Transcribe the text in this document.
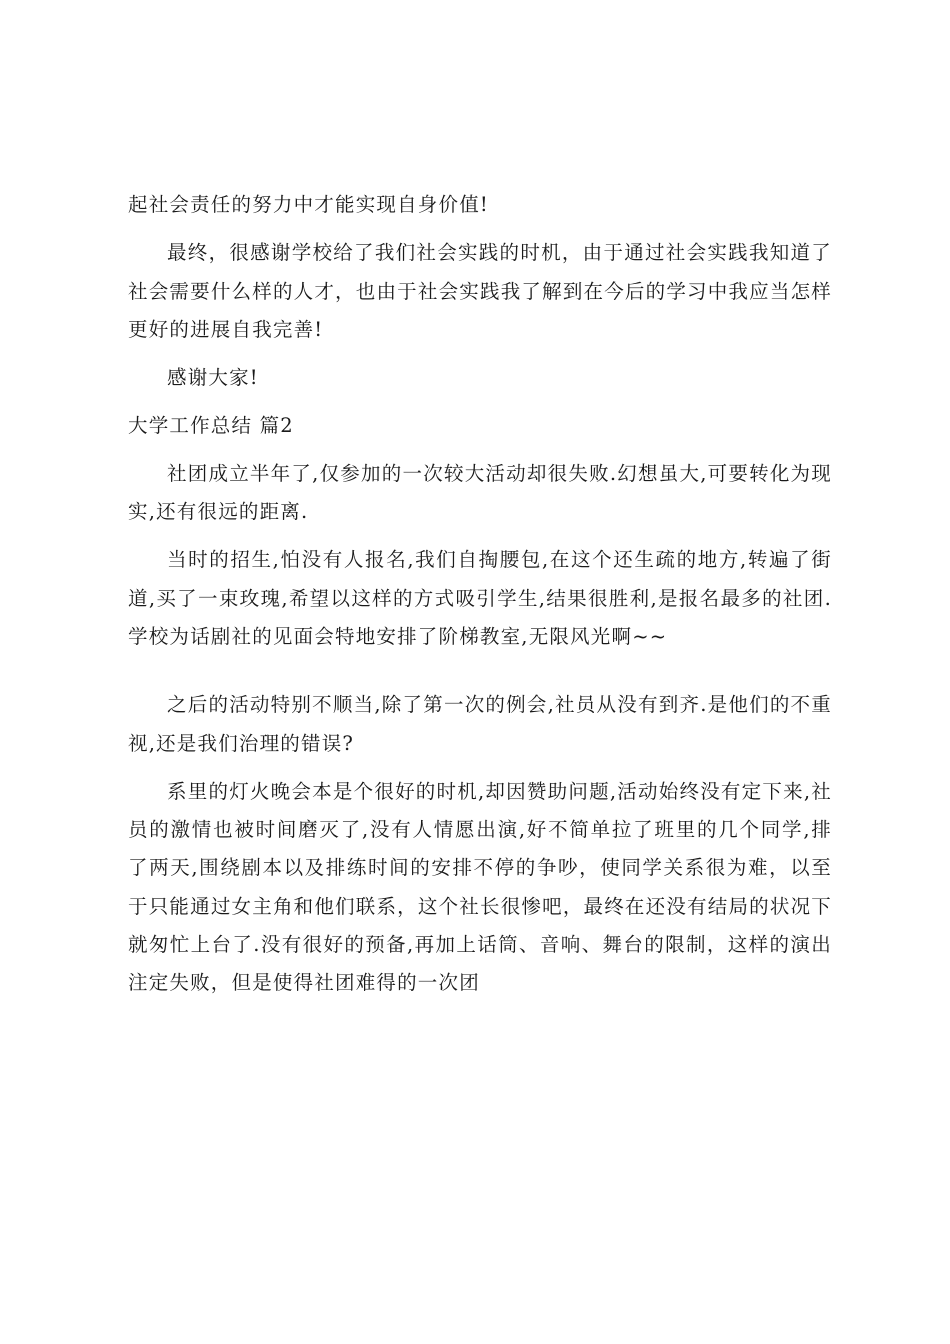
起社会责任的努力中才能实现自身价值!

最终，很感谢学校给了我们社会实践的时机，由于通过社会实践我知道了社会需要什么样的人才，也由于社会实践我了解到在今后的学习中我应当怎样更好的进展自我完善!

感谢大家!

大学工作总结 篇2

社团成立半年了,仅参加的一次较大活动却很失败.幻想虽大,可要转化为现实,还有很远的距离.

当时的招生,怕没有人报名,我们自掏腰包,在这个还生疏的地方,转遍了街道,买了一束玫瑰,希望以这样的方式吸引学生,结果很胜利,是报名最多的社团.学校为话剧社的见面会特地安排了阶梯教室,无限风光啊~~

之后的活动特别不顺当,除了第一次的例会,社员从没有到齐.是他们的不重视,还是我们治理的错误?

系里的灯火晚会本是个很好的时机,却因赞助问题,活动始终没有定下来,社员的激情也被时间磨灭了,没有人情愿出演,好不简单拉了班里的几个同学,排了两天,围绕剧本以及排练时间的安排不停的争吵，使同学关系很为难，以至于只能通过女主角和他们联系，这个社长很惨吧，最终在还没有结局的状况下就匆忙上台了.没有很好的预备,再加上话筒、音响、舞台的限制，这样的演出注定失败，但是使得社团难得的一次团
